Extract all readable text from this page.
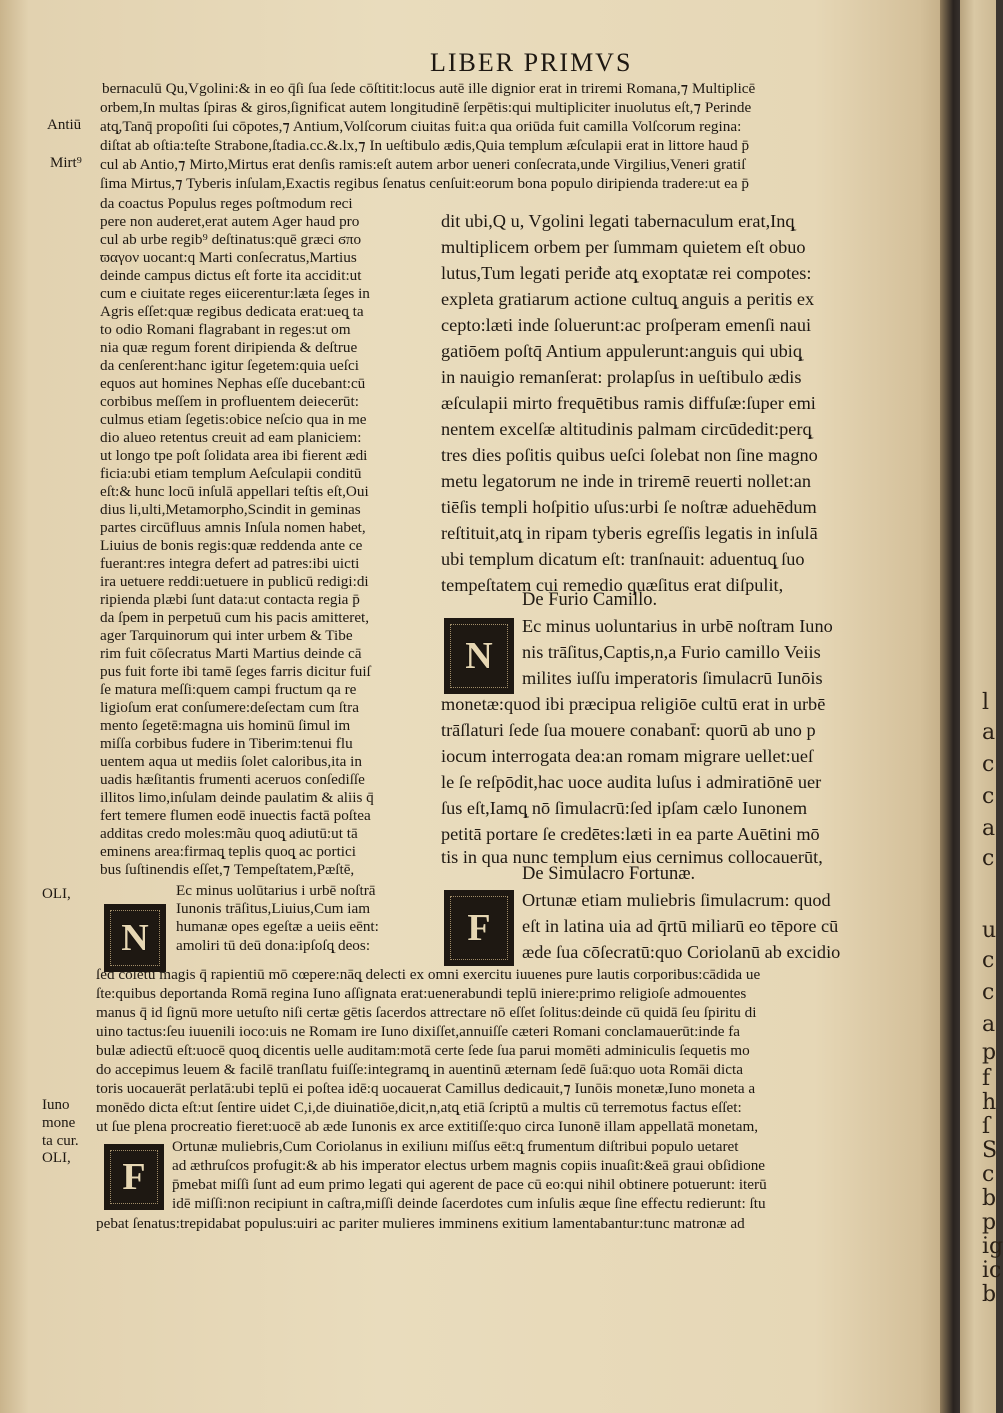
LIBER PRIMVS
Antiū
Mirt⁹
OLI,
Iuno
mone
ta cur.
OLI,
bernaculū Qu,Vgolini:& in eo q̄ſi ſua ſede cōſtitit:locus autē ille dignior erat in triremi Romana,⁊ Multiplicē
orbem,In multas ſpiras & giros,ſignificat autem longitudinē ſerpētis:qui multipliciter inuolutus eſt,⁊ Perinde
atq̨,Tanq̄ propoſiti ſui cōpotes,⁊ Antium,Volſcorum ciuitas fuit:a qua oriūda fuit camilla Volſcorum regina:
diſtat ab oſtia:teſte Strabone,ſtadia.cc.&.lx,⁊ In ueſtibulo ædis,Quia templum æſculapii erat in littore haud p̄
cul ab Antio,⁊ Mirto,Mirtus erat denſis ramis:eſt autem arbor ueneri conſecrata,unde Virgilius,Veneri gratiſ
ſima Mirtus,⁊ Tyberis inſulam,Exactis regibus ſenatus cenſuit:eorum bona populo diripienda tradere:ut ea p̄
da coactus Populus reges poſtmodum reci
pere non auderet,erat autem Ager haud pro
cul ab urbe regib⁹ deſtinatus:quē græci ϭπο
ϖαγον uocant:q Marti conſecratus,Martius
deinde campus dictus eſt forte ita accidit:ut
cum e ciuitate reges eiicerentur:læta ſeges in
Agris eſſet:quæ regibus dedicata erat:ueq̨ ta
to odio Romani flagrabant in reges:ut om
nia quæ regum forent diripienda & deſtrue
da cenſerent:hanc igitur ſegetem:quia ueſci
equos aut homines Nephas eſſe ducebant:cū
corbibus meſſem in profluentem deiecerūt:
culmus etiam ſegetis:obice neſcio qua in me
dio alueo retentus creuit ad eam planiciem:
ut longo tpe poſt ſolidata area ibi fierent ædi
ficia:ubi etiam templum Aeſculapii conditū
eſt:& hunc locū inſulā appellari teſtis eſt,Oui
dius li,ulti,Metamorpho,Scindit in geminas
partes circūfluus amnis Inſula nomen habet,
Liuius de bonis regis:quæ reddenda ante ce
fuerant:res integra defert ad patres:ibi uicti
ira uetuere reddi:uetuere in publicū redigi:di
ripienda plæbi ſunt data:ut contacta regia p̄
da ſpem in perpetuū cum his pacis amitteret,
ager Tarquinorum qui inter urbem & Tibe
rim fuit cōſecratus Marti Martius deinde cā
pus fuit forte ibi tamē ſeges farris dicitur fuiſ
ſe matura meſſi:quem campi fructum qa re
ligioſum erat conſumere:deſectam cum ſtra
mento ſegetē:magna uis hominū ſimul im
miſſa corbibus fudere in Tiberim:tenui flu
uentem aqua ut mediis ſolet caloribus,ita in
uadis hæſitantis frumenti aceruos conſediſſe
illitos limo,inſulam deinde paulatim & aliis q̄
fert temere flumen eodē inuectis factā poſtea
additas credo moles:mãu quoq̨ adiutū:ut tā
eminens area:firmaq̨ teplis quoq̨ ac portici
bus ſuſtinendis eſſet,⁊ Tempeſtatem,Pæſtē,
N
Ec minus uolūtarius i urbē noſtrā
Iunonis trāſitus,Liuius,Cum iam
humanæ opes egeſtæ a ueiis eēnt:
amoliri tū deū dona:ipſoſq̨ deos:
dit ubi,Q u, Vgolini legati tabernaculum erat,Inq̨
multiplicem orbem per ſummam quietem eſt obuo
lutus,Tum legati periđe atq̨ exoptatæ rei compotes:
expleta gratiarum actione cultuq̨ anguis a peritis ex
cepto:læti inde ſoluerunt:ac proſperam emenſi naui
gatiōem poſtq̄ Antium appulerunt:anguis qui ubiq̨
in nauigio remanſerat: prolapſus in ueſtibulo ædis
æſculapii mirto frequētibus ramis diffuſæ:ſuper emi
nentem excelſæ altitudinis palmam circūdedit:perq̨
tres dies poſitis quibus ueſci ſolebat non ſine magno
metu legatorum ne inde in triremē reuerti nollet:an
tiēſis templi hoſpitio uſus:urbi ſe noſtræ aduehēdum
reſtituit,atq̨ in ripam tyberis egreſſis legatis in inſulā
ubi templum dicatum eſt: tranſnauit: aduentuq̨ ſuo
tempeſtatem cui remedio quæſitus erat diſpulit,
De Furio Camillo.
N
Ec minus uoluntarius in urbē noſtram Iuno
nis trāſitus,Captis,n,a Furio camillo Veiis
milites iuſſu imperatoris ſimulacrū Iunōis
monetæ:quod ibi præcipua religiōe cultū erat in urbē
trāſlaturi ſede ſua mouere conabant̄: quorū ab uno p
iocum interrogata dea:an romam migrare uellet:ueſ
le ſe reſpōdit,hac uoce audita luſus i admiratiōnē uer
ſus eſt,Iamq̨ nō ſimulacrū:ſed ipſam cælo Iunonem
petitā portare ſe credētes:læti in ea parte Auētini mō
tis in qua nunc templum eius cernimus collocauerūt,
De Simulacro Fortunæ.
F
Ortunæ etiam muliebris ſimulacrum: quod
eſt in latina uia ad q̄rtū miliarū eo tēpore cū
æde ſua cōſecratū:quo Coriolanū ab excidio
ſed colētū magis q̄ rapientiū mō cœpere:nāq̨ delecti ex omni exercitu iuuenes pure lautis corporibus:cādida ue
ſte:quibus deportanda Romā regina Iuno aſſignata erat:uenerabundi teplū iniere:primo religioſe admouentes
manus q̄ id ſignū more uetuſto niſi certæ gētis ſacerdos attrectare nō eſſet ſolitus:deinde cū quidā ſeu ſpiritu di
uino tactus:ſeu iuuenili ioco:uis ne Romam ire Iuno dixiſſet,annuiſſe cæteri Romani conclamauerūt:inde fa
bulæ adiectū eſt:uocē quoq̨ dicentis uelle auditam:motā certe ſede ſua parui momēti adminiculis ſequetis mo
do accepimus leuem & facilē tranſlatu fuiſſe:integramq̨ in auentinū æternam ſedē ſuā:quo uota Romāi dicta
toris uocauerāt perlatā:ubi teplū ei poſtea idē:q uocauerat Camillus dedicauit,⁊ Iunōis monetæ,Iuno moneta a
monēdo dicta eſt:ut ſentire uidet C,i,de diuinatiōe,dicit,n,atq̨ etiā ſcriptū a multis cū terremotus factus eſſet:
ut ſue plena procreatio fieret:uocē ab æde Iunonis ex arce extitiſſe:quo circa Iunonē illam appellatā monetam,
F
Ortunæ muliebris,Cum Coriolanus in exiliunı miſſus eēt:q̨ frumentum diſtribui populo uetaret
ad æthruſcos profugit:& ab his imperator electus urbem magnis copiis inuaſit:&eā graui obſidione
p̄mebat miſſi ſunt ad eum primo legati qui agerent de pace cū eo:qui nihil obtinere potuerunt: iterū
idē miſſi:non recipiunt in caſtra,miſſi deinde ſacerdotes cum inſulis æque ſine effectu redierunt: ſtu
pebat ſenatus:trepidabat populus:uiri ac pariter mulieres imminens exitium lamentabantur:tunc matronæ ad
l
a
c
c
a
c
u
c
c
a
p
f
h
ſ
S
c
b
p
ig
ic
b
